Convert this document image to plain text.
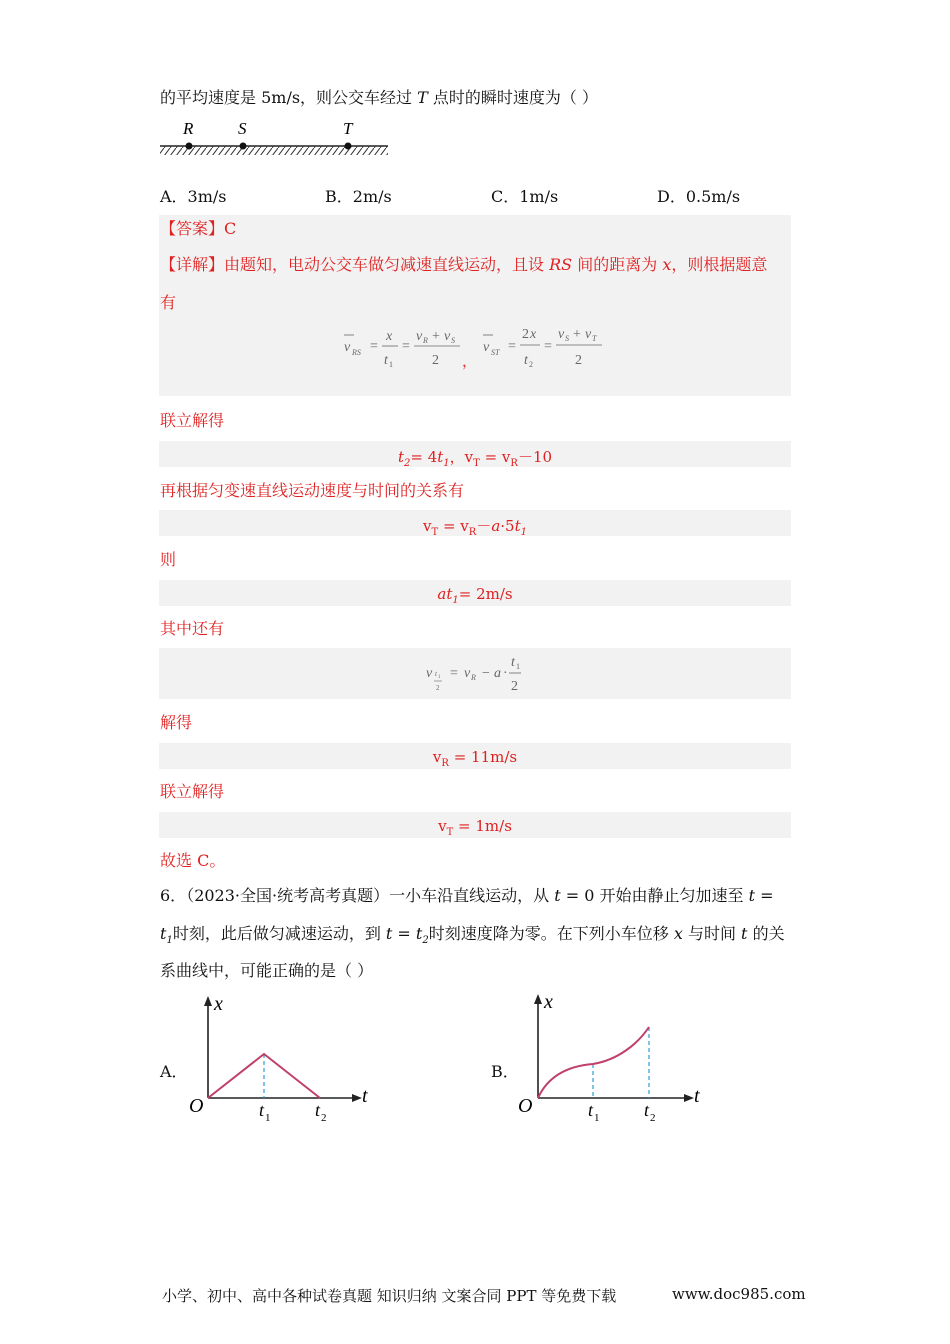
的平均速度是 5m/s，则公交车经过 T 点时的瞬时速度为（ ）
R	S	T
A．3m/s	B．2m/s	C．1m/s	D．0.5m/s
【答案】C
【详解】由题知，电动公交车做匀减速直线运动，且设 RS 间的距离为 x，则根据题意
有
v RS =
x
t 1
=
v R + v S
2
v ST =
2 x
t 2
=
v S + v T
2
，
联立解得
$t_2= 4t_1$，$v_T = v_R-10$
再根据匀变速直线运动速度与时间的关系有
$v_T = v_R-a\cdot 5t_1$
则
$at_1= 2m/s$
其中还有
v t 1
2
= v R − a ·
t 1
2
解得
$v_R = 11m/s$
联立解得
$v_T = 1m/s$
故选 C。
6．（2023·全国·统考高考真题）一小车沿直线运动，从 t = 0 开始由静止匀加速至 t =
$t_1$时刻，此后做匀减速运动，到 $t = t_2$时刻速度降为零。在下列小车位移 x 与时间 t 的关
系曲线中，可能正确的是（ ）
A．
x
t
O	t 1 t 2
B．
x
t
O	t 1 t 2
小学、初中、高中各种试卷真题 知识归纳 文案合同 PPT 等免费下载	www.doc985.com
